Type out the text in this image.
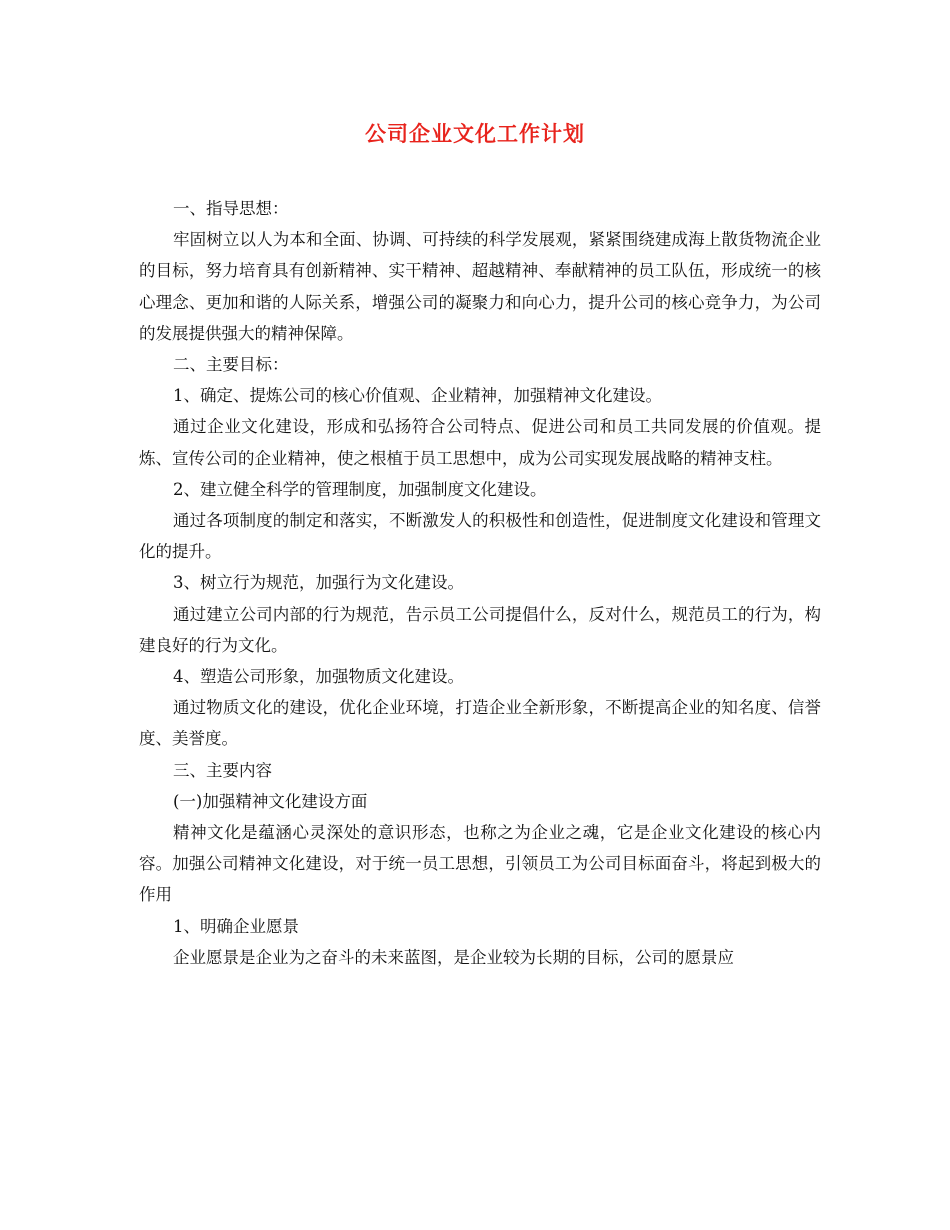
公司企业文化工作计划

一、指导思想：

牢固树立以人为本和全面、协调、可持续的科学发展观，紧紧围绕建成海上散货物流企业的目标，努力培育具有创新精神、实干精神、超越精神、奉献精神的员工队伍，形成统一的核心理念、更加和谐的人际关系，增强公司的凝聚力和向心力，提升公司的核心竞争力，为公司的发展提供强大的精神保障。

二、主要目标：

1、确定、提炼公司的核心价值观、企业精神，加强精神文化建设。

通过企业文化建设，形成和弘扬符合公司特点、促进公司和员工共同发展的价值观。提炼、宣传公司的企业精神，使之根植于员工思想中，成为公司实现发展战略的精神支柱。

2、建立健全科学的管理制度，加强制度文化建设。

通过各项制度的制定和落实，不断激发人的积极性和创造性，促进制度文化建设和管理文化的提升。

3、树立行为规范，加强行为文化建设。

通过建立公司内部的行为规范，告示员工公司提倡什么，反对什么，规范员工的行为，构建良好的行为文化。

4、塑造公司形象，加强物质文化建设。

通过物质文化的建设，优化企业环境，打造企业全新形象，不断提高企业的知名度、信誉度、美誉度。

三、主要内容

(一)加强精神文化建设方面

精神文化是蕴涵心灵深处的意识形态，也称之为企业之魂，它是企业文化建设的核心内容。加强公司精神文化建设，对于统一员工思想，引领员工为公司目标面奋斗，将起到极大的作用

1、明确企业愿景

企业愿景是企业为之奋斗的未来蓝图，是企业较为长期的目标，公司的愿景应
